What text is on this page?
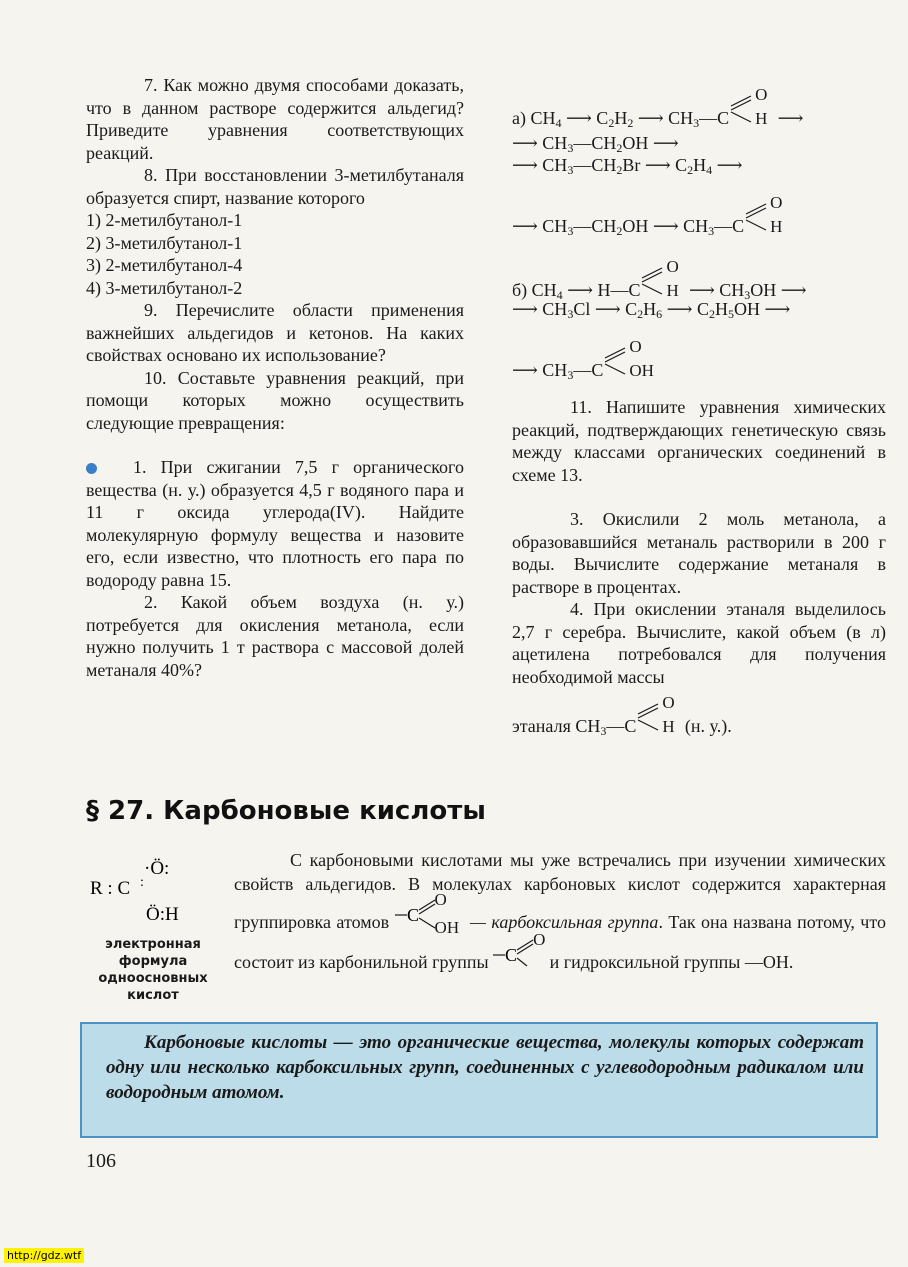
7. Как можно двумя способами доказать, что в данном растворе содержится альдегид? Приведите уравнения соответствующих реакций.

8. При восстановлении 3-метилбутаналя образуется спирт, название которого

1) 2-метилбутанол-1

2) 3-метилбутанол-1

3) 2-метилбутанол-4

4) 3-метилбутанол-2

9. Перечислите области применения важнейших альдегидов и кетонов. На каких свойствах основано их использование?

10. Составьте уравнения реакций, при помощи которых можно осуществить следующие превращения:

1. При сжигании 7,5 г органического вещества (н. у.) образуется 4,5 г водяного пара и 11 г оксида углерода(IV). Найдите молекулярную формулу вещества и назовите его, если известно, что плотность его пара по водороду равна 15.

2. Какой объем воздуха (н. у.) потребуется для окисления метанола, если нужно получить 1 т раствора с массовой долей метаналя 40%?

а) $CH_4$ ⟶ $C_2H_2$ ⟶ $CH_3—C$
O
H ⟶
⟶ $CH_3—CH_2OH$ ⟶
⟶ $CH_3—CH_2Br$ ⟶ $C_2H_4$ ⟶
⟶ $CH_3—CH_2OH$ ⟶ $CH_3—C$
O
H
б) $CH_4$ ⟶ H—C
O
H ⟶ $CH_3OH$ ⟶
⟶ $CH_3Cl$ ⟶ $C_2H_6$ ⟶ $C_2H_5OH$ ⟶
⟶ $CH_3—C$
O
OH

11. Напишите уравнения химических реакций, подтверждающих генетическую связь между классами органических соединений в схеме 13.

3. Окислили 2 моль метанола, а образовавшийся метаналь растворили в 200 г воды. Вычислите содержание метаналя в растворе в процентах.

4. При окислении этаналя выделилось 2,7 г серебра. Вычислите, какой объем (в л) ацетилена потребовался для получения необходимой массы

этаналя $CH_3—C$
O
H (н. у.).
§ 27. Карбоновые кислоты
·Ö:
R : C :
Ö:H
электронная формула одноосновных кислот
С карбоновыми кислотами мы уже встречались при изучении химических свойств альдегидов. В молекулах карбоновых кислот содержится характерная группировка атомов C
O
OH — карбоксильная группа. Так она названа потому, что состоит из карбонильной группы C
O
и гидроксильной группы —OH.

Карбоновые кислоты — это органические вещества, молекулы которых содержат одну или несколько карбоксильных групп, соединенных с углеводородным радикалом или водородным атомом.

106
http://gdz.wtf
